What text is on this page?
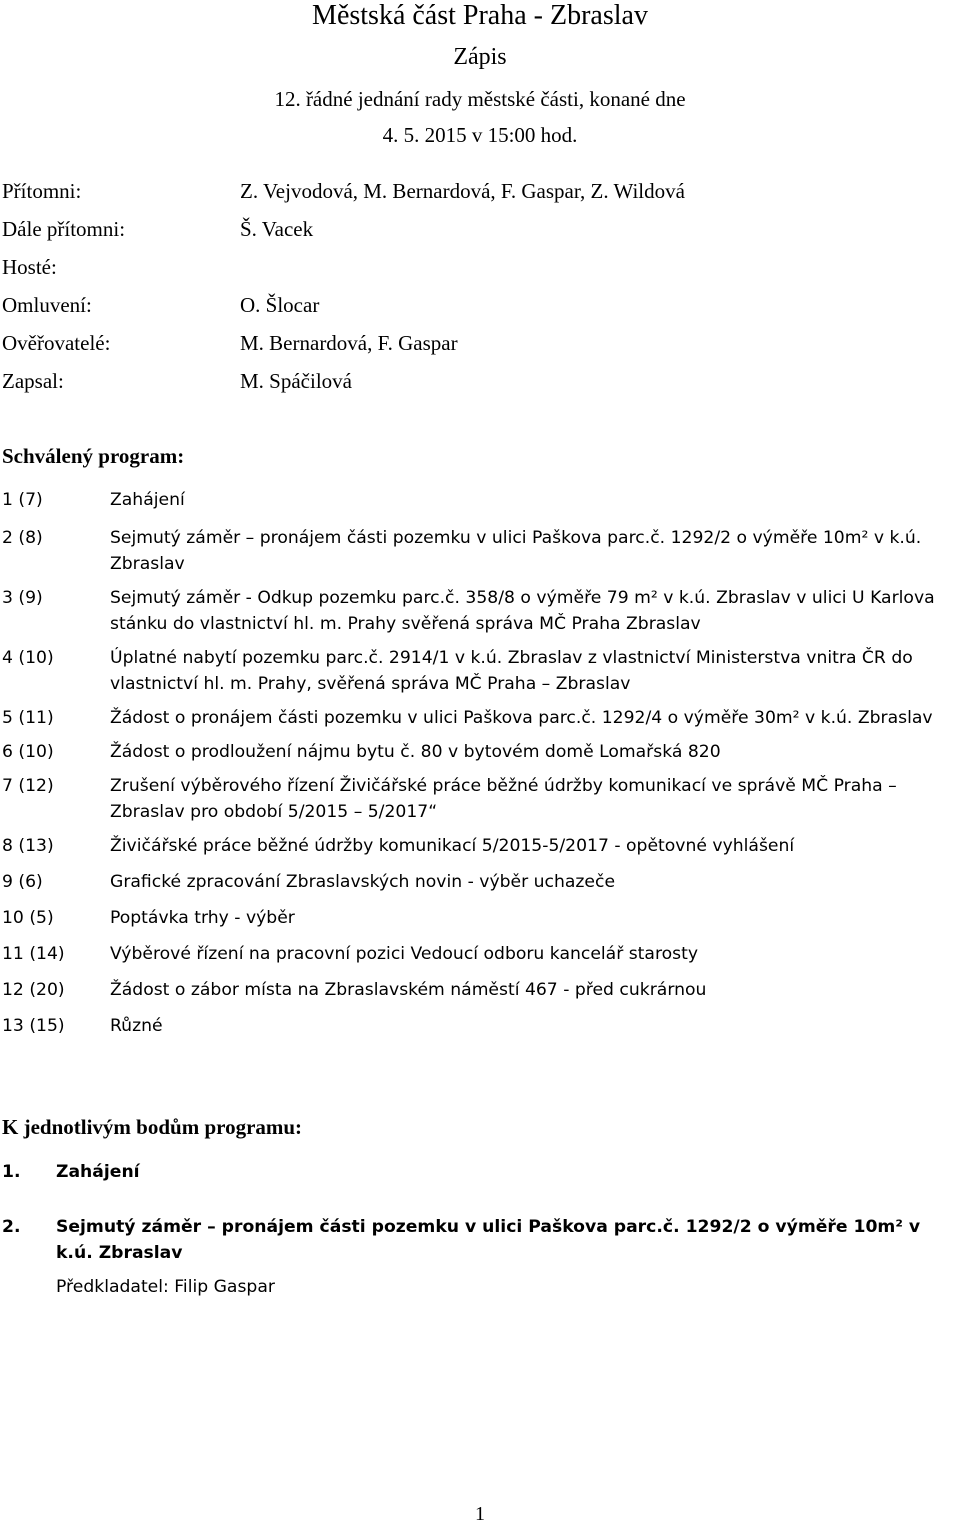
Městská část Praha - Zbraslav
Zápis
12. řádné jednání rady městské části, konané dne
4. 5. 2015 v 15:00 hod.
Přítomni:	Z. Vejvodová, M. Bernardová, F. Gaspar, Z. Wildová
Dále přítomni:	Š. Vacek
Hosté:
Omluvení:	O. Šlocar
Ověřovatelé:	M. Bernardová, F. Gaspar
Zapsal:	M. Spáčilová
Schválený program:
1 (7)	Zahájení
2 (8)	Sejmutý záměr – pronájem části pozemku v ulici Paškova parc.č. 1292/2 o výměře 10m² v k.ú. Zbraslav
3 (9)	Sejmutý záměr - Odkup pozemku parc.č. 358/8 o výměře 79 m² v k.ú. Zbraslav v ulici U Karlova stánku do vlastnictví hl. m. Prahy svěřená správa MČ Praha Zbraslav
4 (10)	Úplatné nabytí pozemku parc.č. 2914/1 v k.ú. Zbraslav z vlastnictví Ministerstva vnitra ČR do vlastnictví hl. m. Prahy, svěřená správa MČ Praha – Zbraslav
5 (11)	Žádost o pronájem části pozemku v ulici Paškova parc.č. 1292/4 o výměře 30m² v k.ú. Zbraslav
6 (10)	Žádost o prodloužení nájmu bytu č. 80 v bytovém domě Lomařská 820
7 (12)	Zrušení výběrového řízení Živičářské práce běžné údržby komunikací ve správě MČ Praha – Zbraslav pro období 5/2015 – 5/2017“
8 (13)	Živičářské práce běžné údržby komunikací 5/2015-5/2017 - opětovné vyhlášení
9 (6)	Grafické zpracování Zbraslavských novin - výběr uchazeče
10 (5)	Poptávka trhy - výběr
11 (14)	Výběrové řízení na pracovní pozici Vedoucí odboru kancelář starosty
12 (20)	Žádost o zábor místa na Zbraslavském náměstí 467 - před cukrárnou
13 (15)	Různé
K jednotlivým bodům programu:
1.	Zahájení
2.	Sejmutý záměr – pronájem části pozemku v ulici Paškova parc.č. 1292/2 o výměře 10m² v k.ú. Zbraslav
Předkladatel: Filip Gaspar
1
